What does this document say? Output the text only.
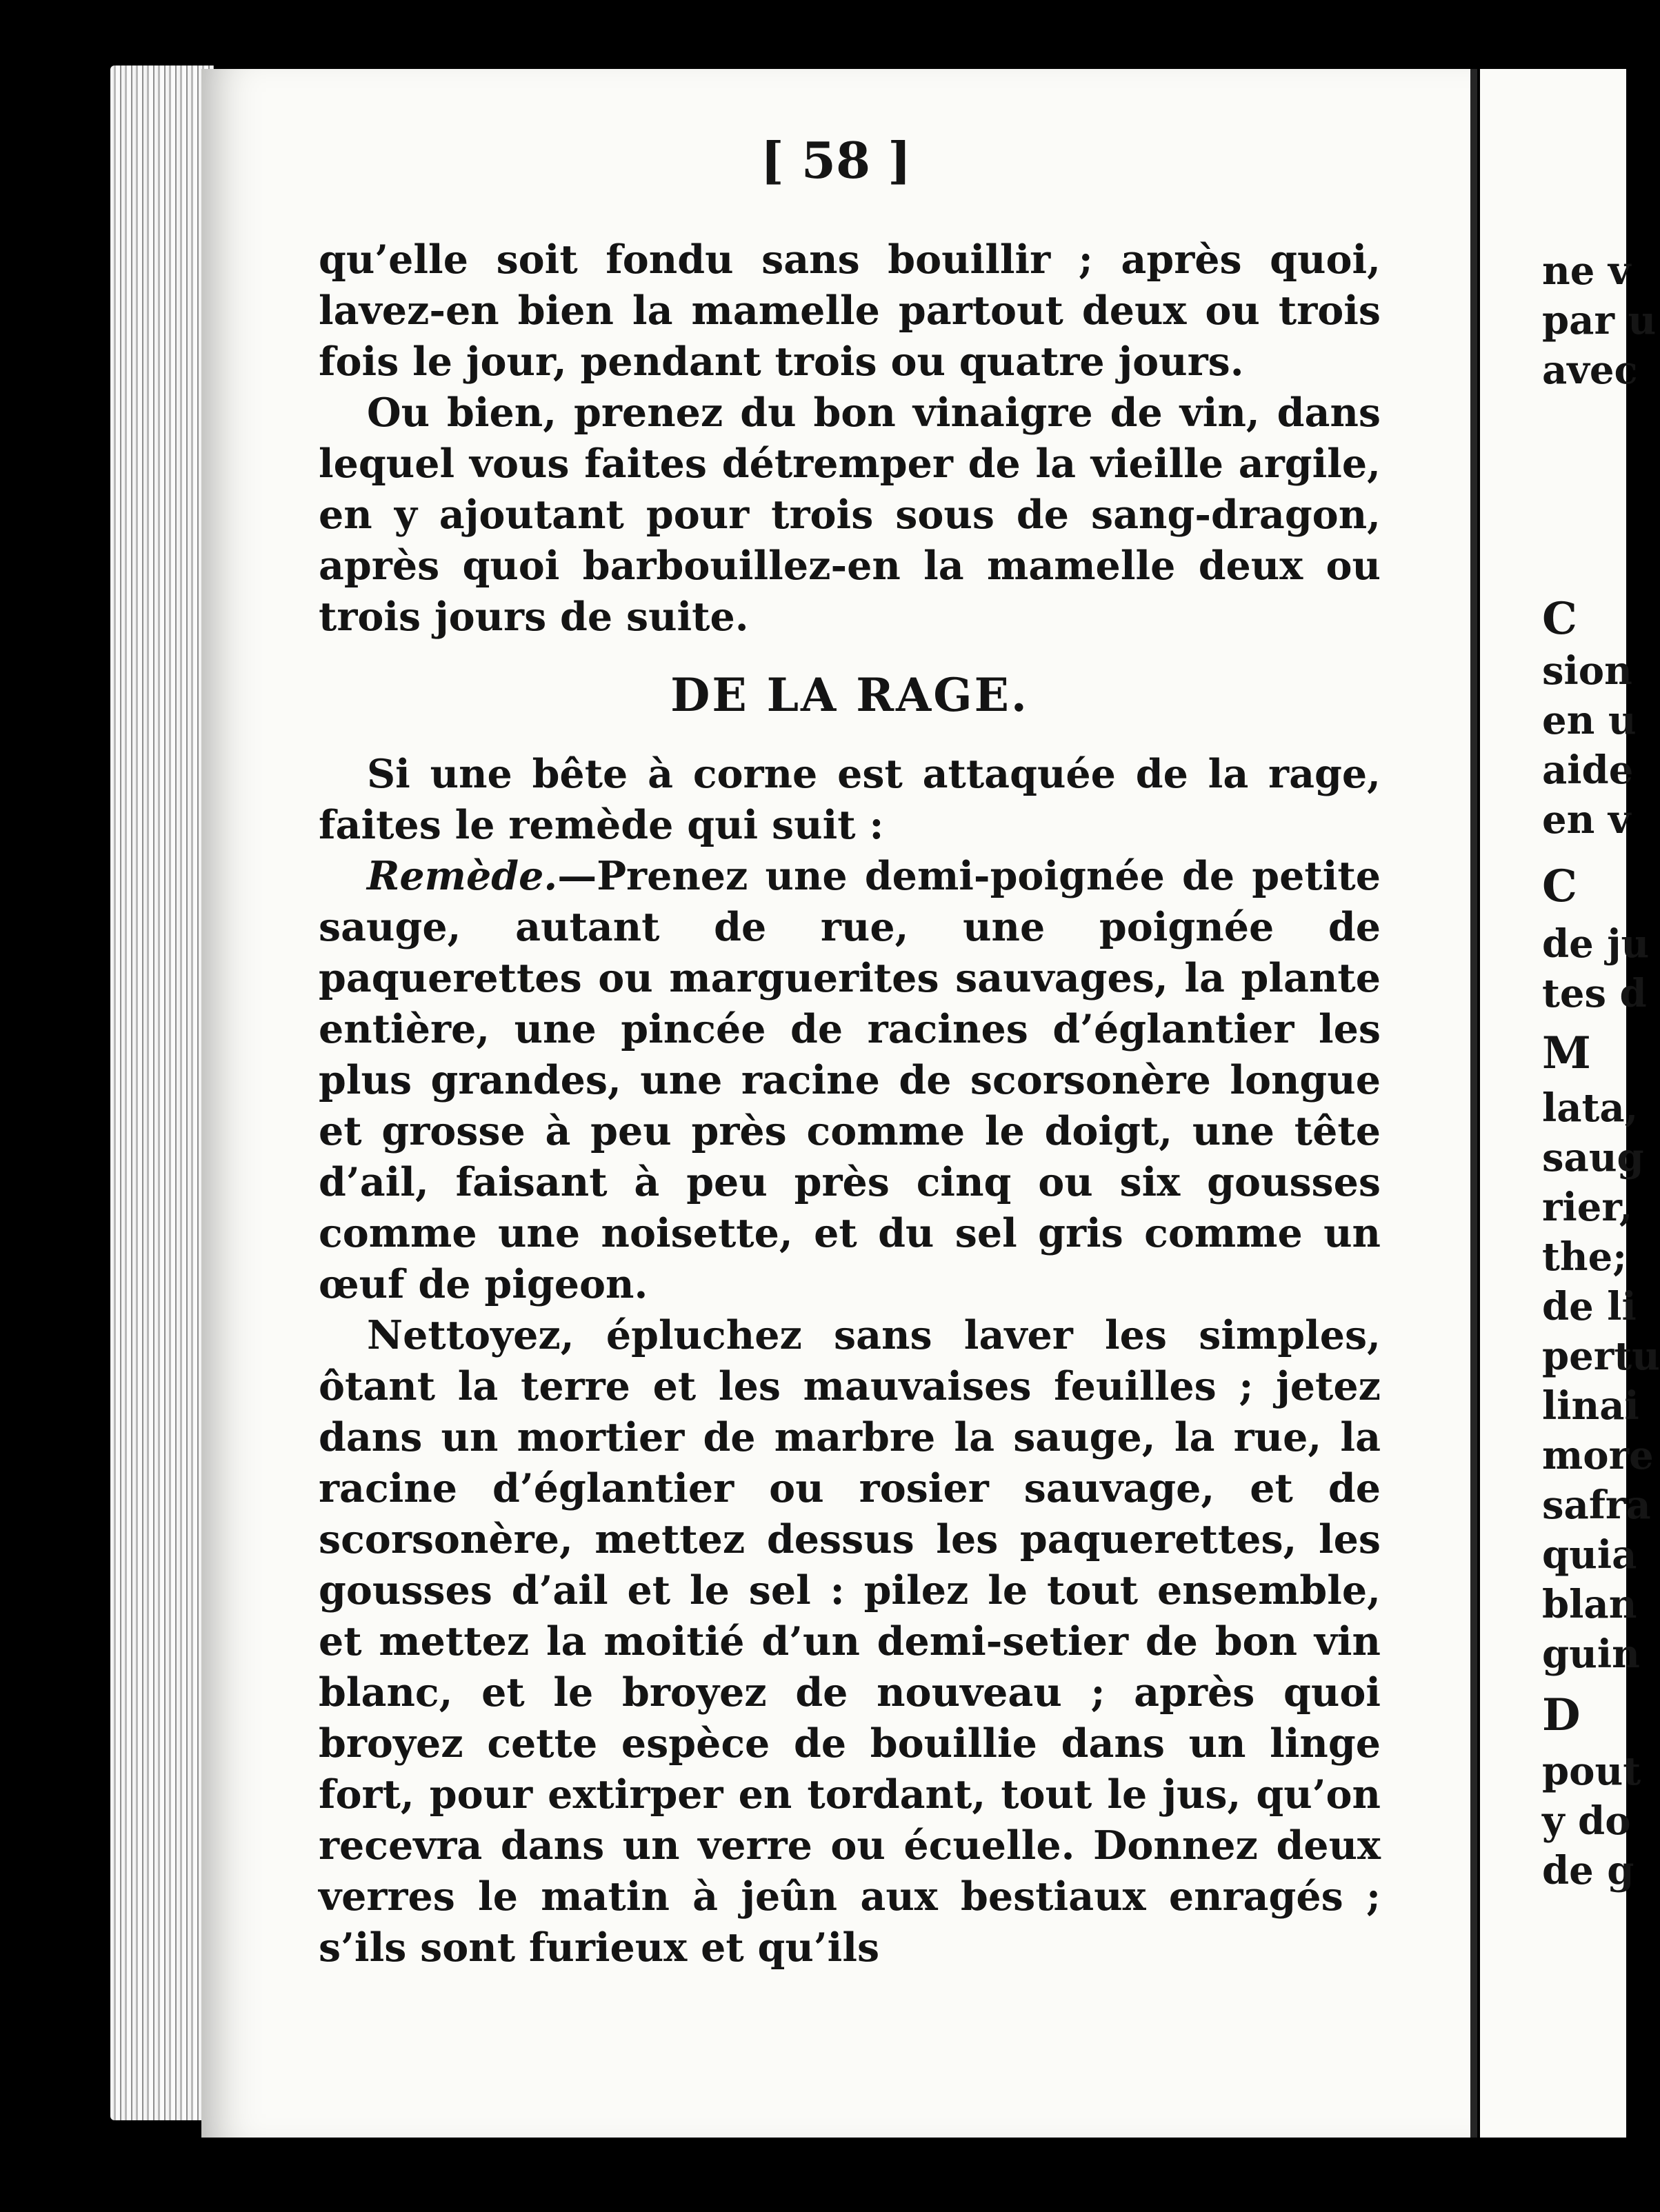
[ 58 ]

qu’elle soit fondu sans bouillir ; après quoi, lavez-en bien la mamelle partout deux ou trois fois le jour, pendant trois ou quatre jours.

Ou bien, prenez du bon vinaigre de vin, dans lequel vous faites détremper de la vieille argile, en y ajoutant pour trois sous de sang-dragon, après quoi barbouillez-en la mamelle deux ou trois jours de suite.

DE LA RAGE.

Si une bête à corne est attaquée de la rage, faites le remède qui suit :

Remède.—Prenez une demi-poignée de petite sauge, autant de rue, une poignée de paquerettes ou marguerites sauvages, la plante entière, une pincée de racines d’églantier les plus grandes, une racine de scorsonère longue et grosse à peu près comme le doigt, une tête d’ail, faisant à peu près cinq ou six gousses comme une noisette, et du sel gris comme un œuf de pigeon.

Nettoyez, épluchez sans laver les simples, ôtant la terre et les mauvaises feuilles ; jetez dans un mortier de marbre la sauge, la rue, la racine d’églantier ou rosier sauvage, et de scorsonère, mettez dessus les paquerettes, les gousses d’ail et le sel : pilez le tout ensemble, et mettez la moitié d’un demi-setier de bon vin blanc, et le broyez de nouveau ; après quoi broyez cette espèce de bouillie dans un linge fort, pour extirper en tordant, tout le jus, qu’on recevra dans un verre ou écuelle. Donnez deux verres le matin à jeûn aux bestiaux enragés ; s’ils sont furieux et qu’ils

ne v
par u
avec
C
sion
en u
aide
en v
C
de ju
tes d
M
lata,
saug
rier,
the;
de li
pertu
linai
more
safra
quia
blan
guin
D
pout
y do
de g
